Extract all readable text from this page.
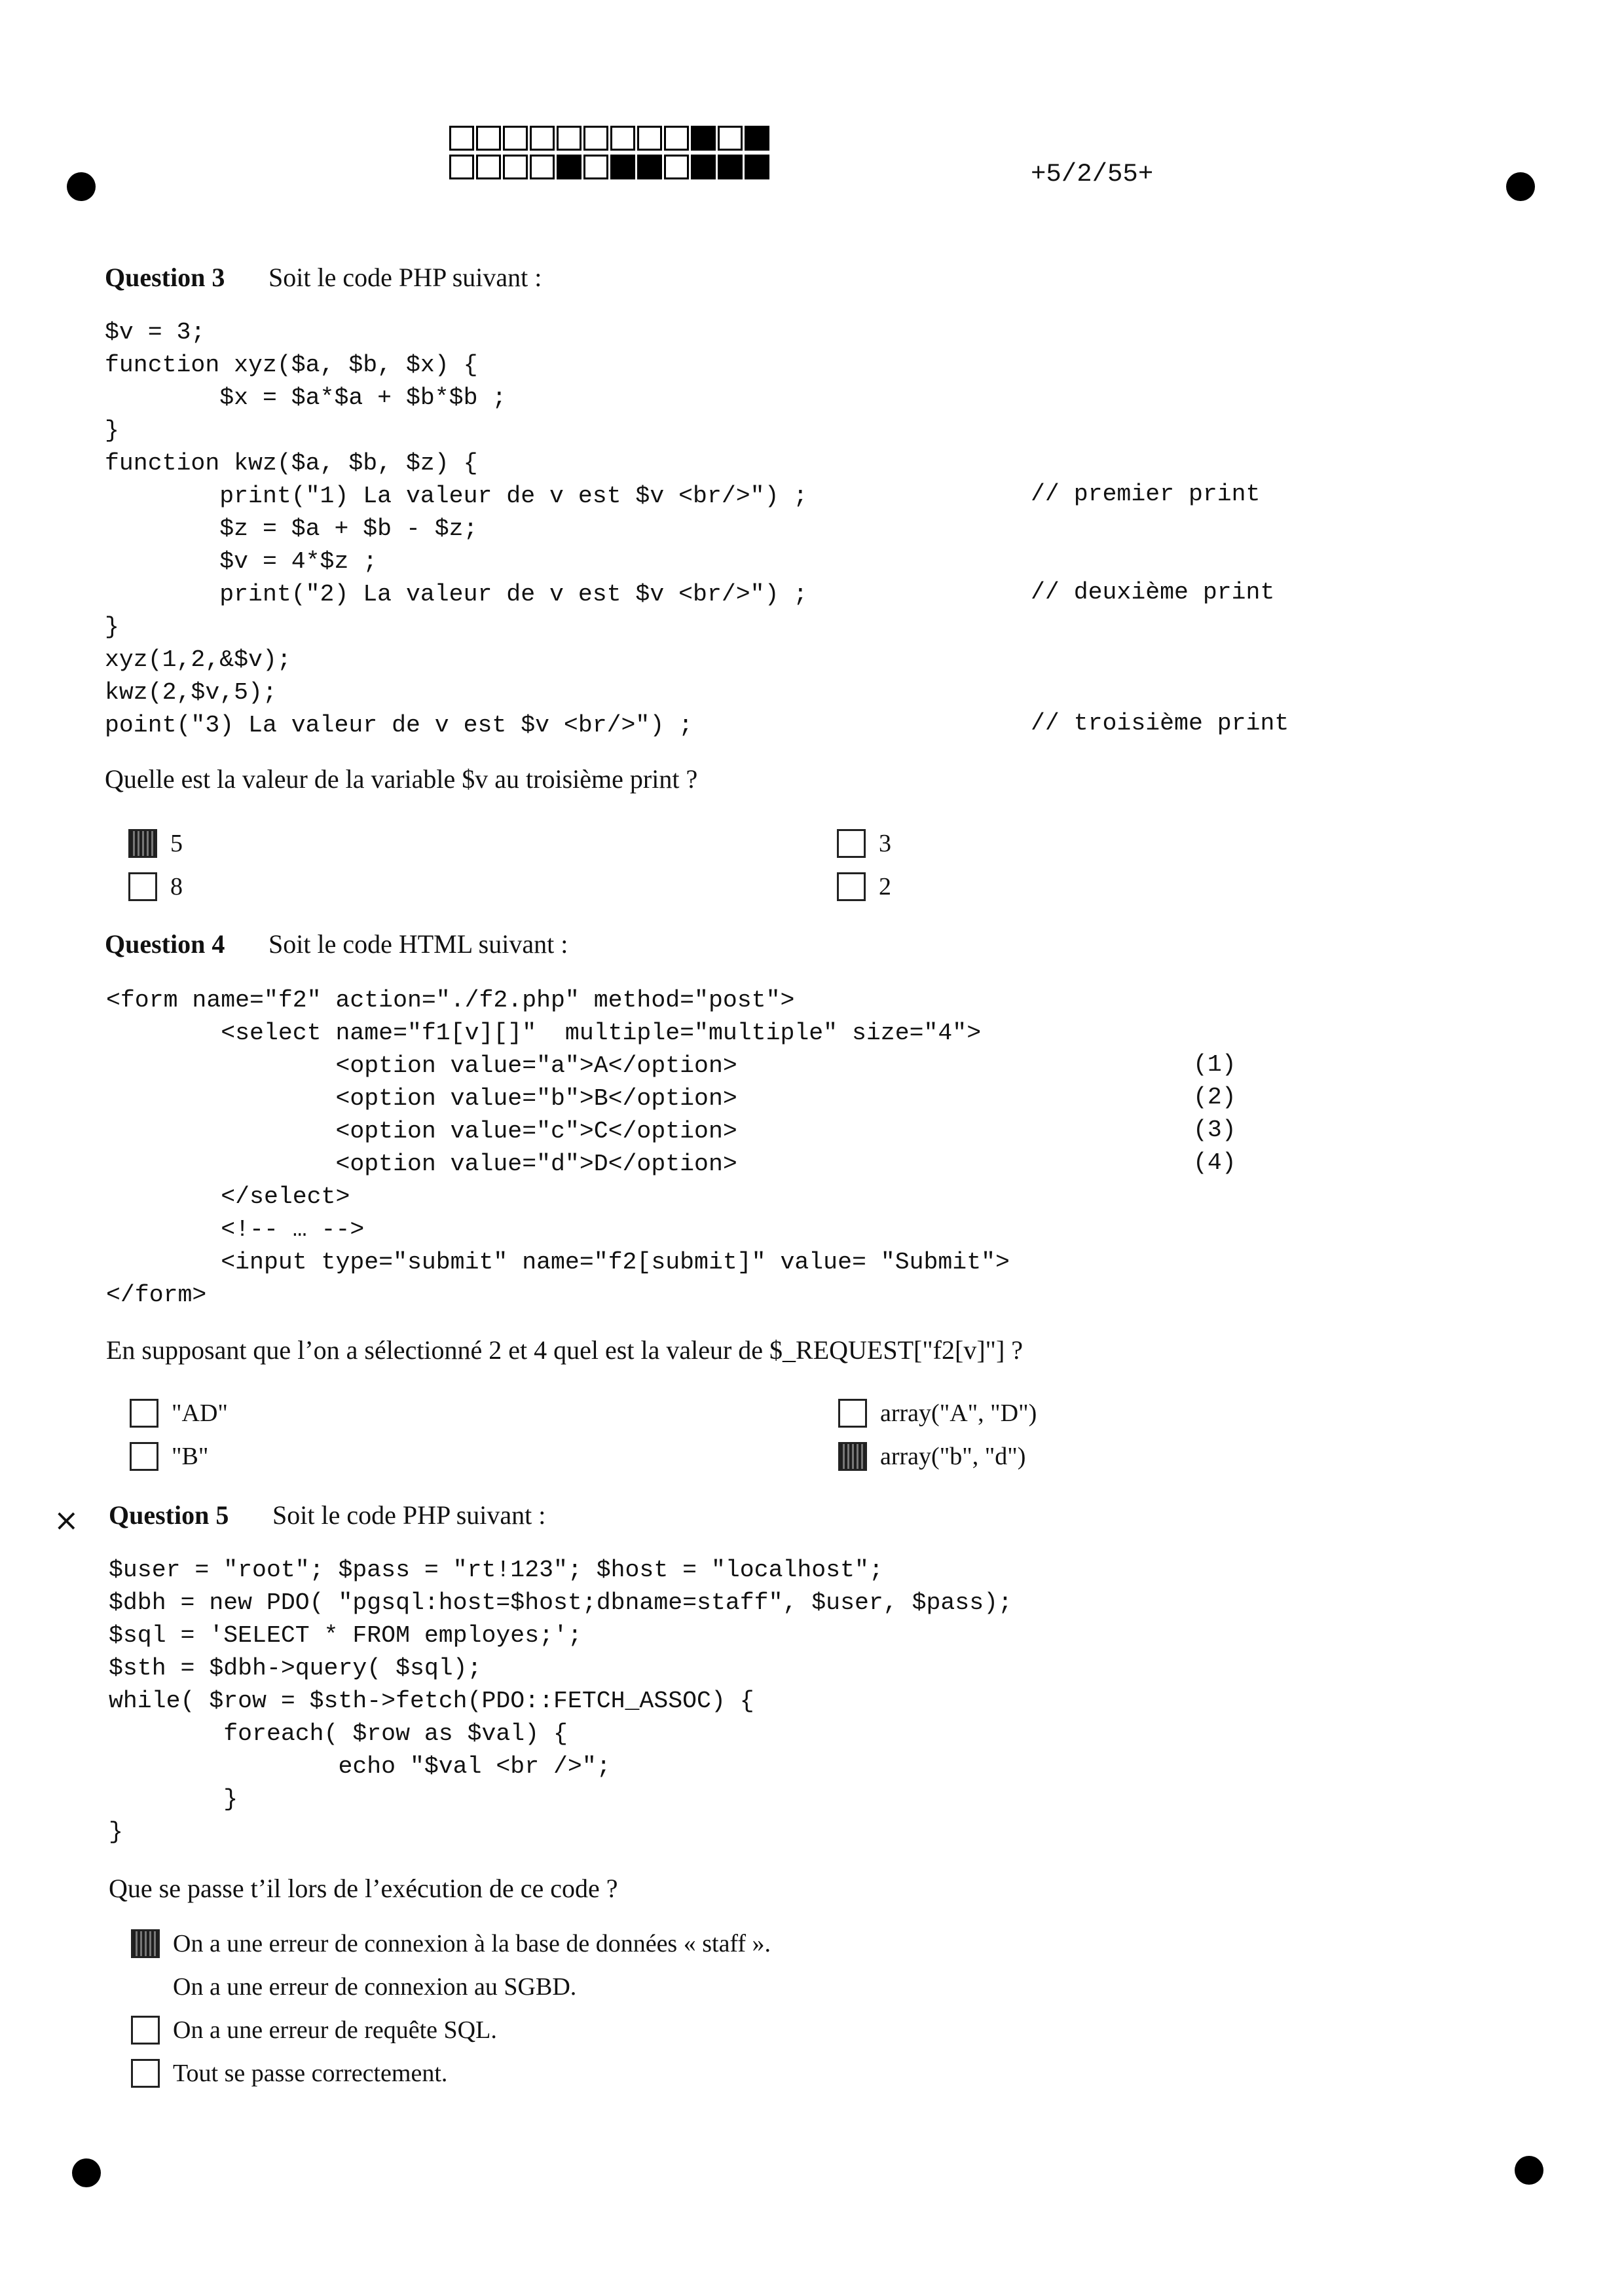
+5/2/55+
Question 3 Soit le code PHP suivant :
$v = 3;
function xyz($a, $b, $x) {
$x = $a*$a + $b*$b ;
}
function kwz($a, $b, $z) {
print("1) La valeur de v est $v <br/>") ;
$z = $a + $b - $z;
$v = 4*$z ;
print("2) La valeur de v est $v <br/>") ;
}
xyz(1,2,&$v);
kwz(2,$v,5);
point("3) La valeur de v est $v <br/>") ;
// premier print
// deuxième print
// troisième print
Quelle est la valeur de la variable $v au troisième print ?
5
8
3
2
Question 4 Soit le code HTML suivant :
<form name="f2" action="./f2.php" method="post">
<select name="f1[v][]"  multiple="multiple" size="4">
<option value="a">A</option>
<option value="b">B</option>
<option value="c">C</option>
<option value="d">D</option>
</select>
<!-- … -->
<input type="submit" name="f2[submit]" value= "Submit">
</form>
(1)
(2)
(3)
(4)
En supposant que l’on a sélectionné 2 et 4 quel est la valeur de $_REQUEST["f2[v]"] ?
"AD"
"B"
array("A", "D")
array("b", "d")
× Question 5 Soit le code PHP suivant :
$user = "root"; $pass = "rt!123"; $host = "localhost";
$dbh = new PDO( "pgsql:host=$host;dbname=staff", $user, $pass);
$sql = 'SELECT * FROM employes;';
$sth = $dbh->query( $sql);
while( $row = $sth->fetch(PDO::FETCH_ASSOC) {
foreach( $row as $val) {
echo "$val <br />";
}
}
Que se passe t’il lors de l’exécution de ce code ?
On a une erreur de connexion à la base de données « staff ».
On a une erreur de connexion au SGBD.
On a une erreur de requête SQL.
Tout se passe correctement.
